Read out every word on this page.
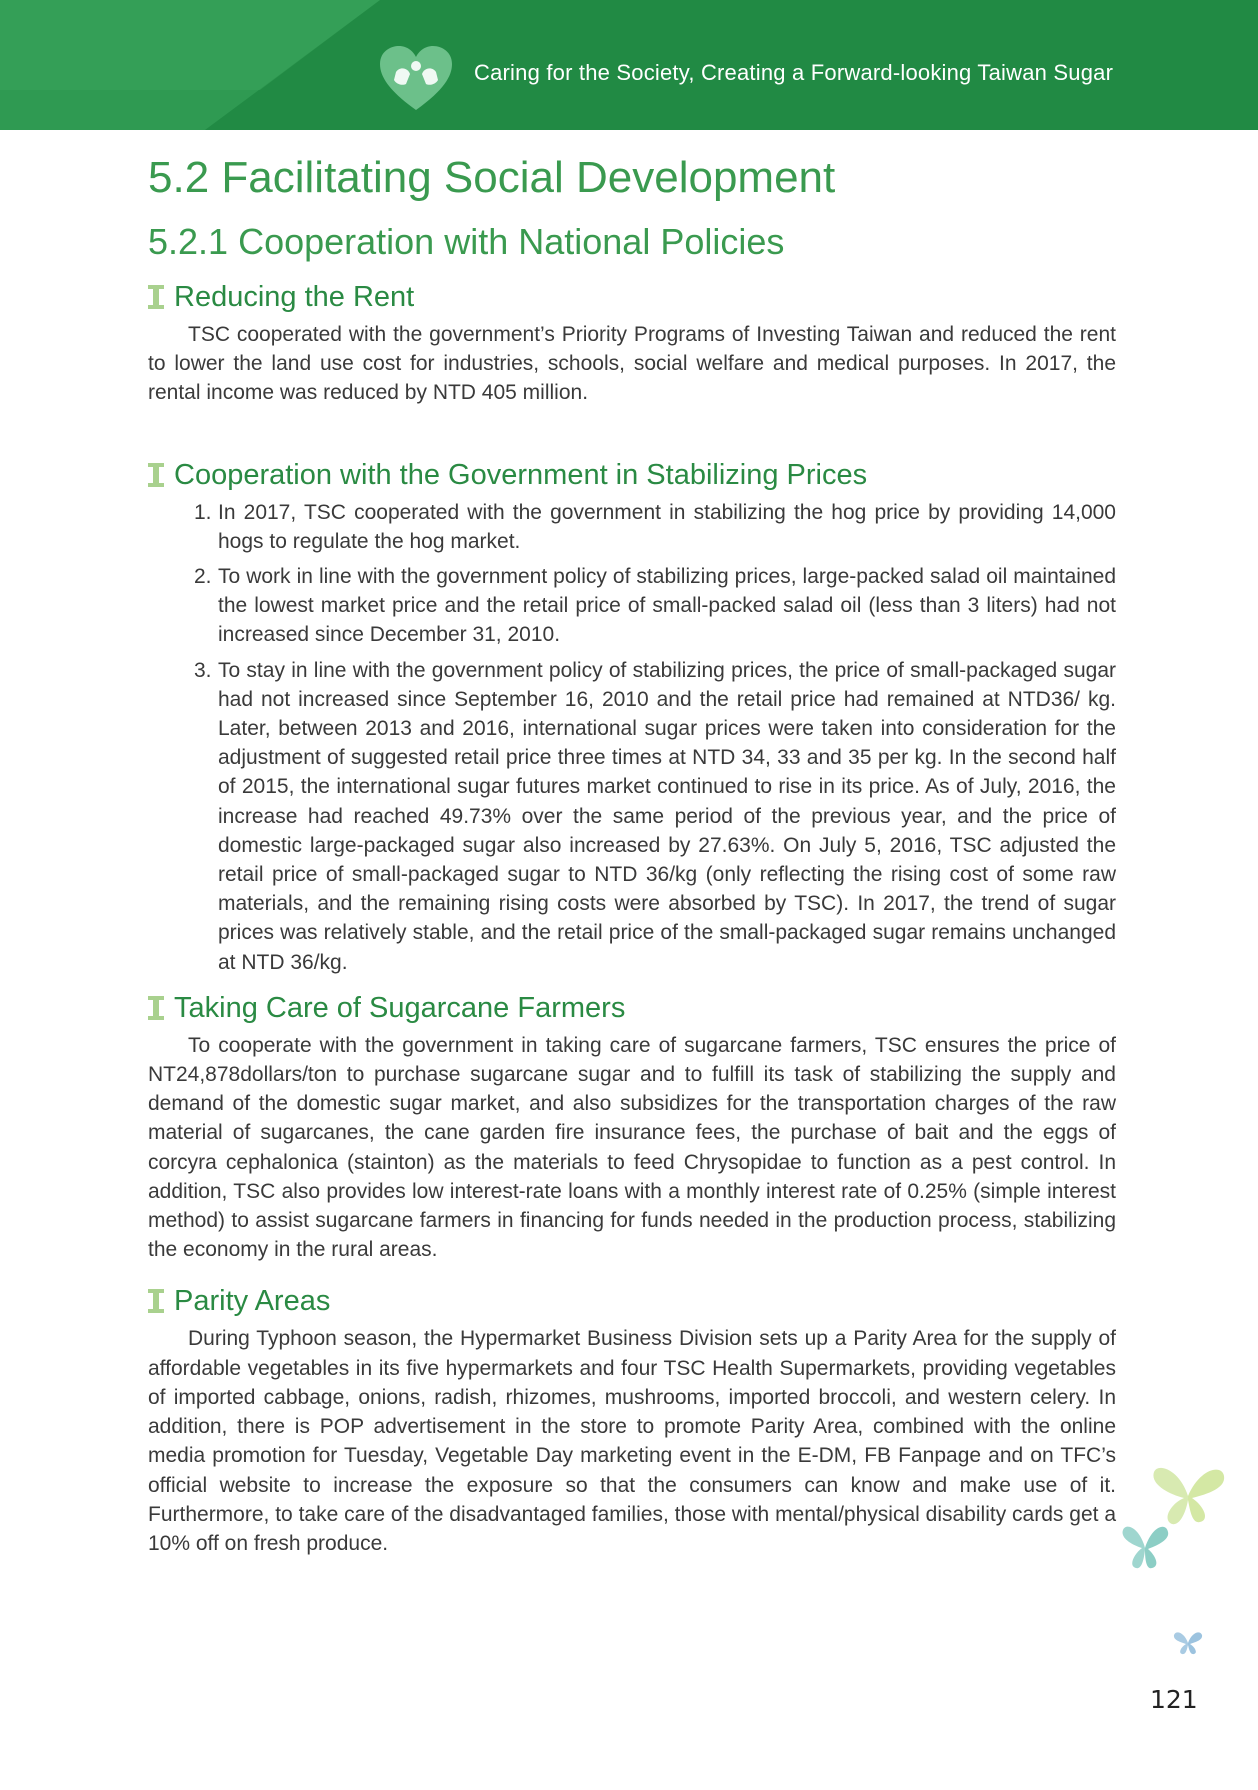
Caring for the Society, Creating a Forward-looking Taiwan Sugar
5.2 Facilitating Social Development
5.2.1 Cooperation with National Policies
Reducing the Rent

TSC cooperated with the government’s Priority Programs of Investing Taiwan and reduced the rent to lower the land use cost for industries, schools, social welfare and medical purposes. In 2017, the rental income was reduced by NTD 405 million.

Cooperation with the Government in Stabilizing Prices
1. In 2017, TSC cooperated with the government in stabilizing the hog price by providing 14,000 hogs to regulate the hog market.
2. To work in line with the government policy of stabilizing prices, large-packed salad oil maintained the lowest market price and the retail price of small-packed salad oil (less than 3 liters) had not increased since December 31, 2010.
3. To stay in line with the government policy of stabilizing prices, the price of small-packaged sugar had not increased since September 16, 2010 and the retail price had remained at NTD36/ kg. Later, between 2013 and 2016, international sugar prices were taken into consideration for the adjustment of suggested retail price three times at NTD 34, 33 and 35 per kg. In the second half of 2015, the international sugar futures market continued to rise in its price. As of July, 2016, the increase had reached 49.73% over the same period of the previous year, and the price of domestic large-packaged sugar also increased by 27.63%. On July 5, 2016, TSC adjusted the retail price of small-packaged sugar to NTD 36/kg (only reflecting the rising cost of some raw materials, and the remaining rising costs were absorbed by TSC). In 2017, the trend of sugar prices was relatively stable, and the retail price of the small-packaged sugar remains unchanged at NTD 36/kg.
Taking Care of Sugarcane Farmers

To cooperate with the government in taking care of sugarcane farmers, TSC ensures the price of NT24,878dollars/ton to purchase sugarcane sugar and to fulfill its task of stabilizing the supply and demand of the domestic sugar market, and also subsidizes for the transportation charges of the raw material of sugarcanes, the cane garden fire insurance fees, the purchase of bait and the eggs of corcyra cephalonica (stainton) as the materials to feed Chrysopidae to function as a pest control. In addition, TSC also provides low interest-rate loans with a monthly interest rate of 0.25% (simple interest method) to assist sugarcane farmers in financing for funds needed in the production process, stabilizing the economy in the rural areas.

Parity Areas

During Typhoon season, the Hypermarket Business Division sets up a Parity Area for the supply of affordable vegetables in its five hypermarkets and four TSC Health Supermarkets, providing vegetables of imported cabbage, onions, radish, rhizomes, mushrooms, imported broccoli, and western celery. In addition, there is POP advertisement in the store to promote Parity Area, combined with the online media promotion for Tuesday, Vegetable Day marketing event in the E-DM, FB Fanpage and on TFC’s official website to increase the exposure so that the consumers can know and make use of it. Furthermore, to take care of the disadvantaged families, those with mental/physical disability cards get a 10% off on fresh produce.

121
